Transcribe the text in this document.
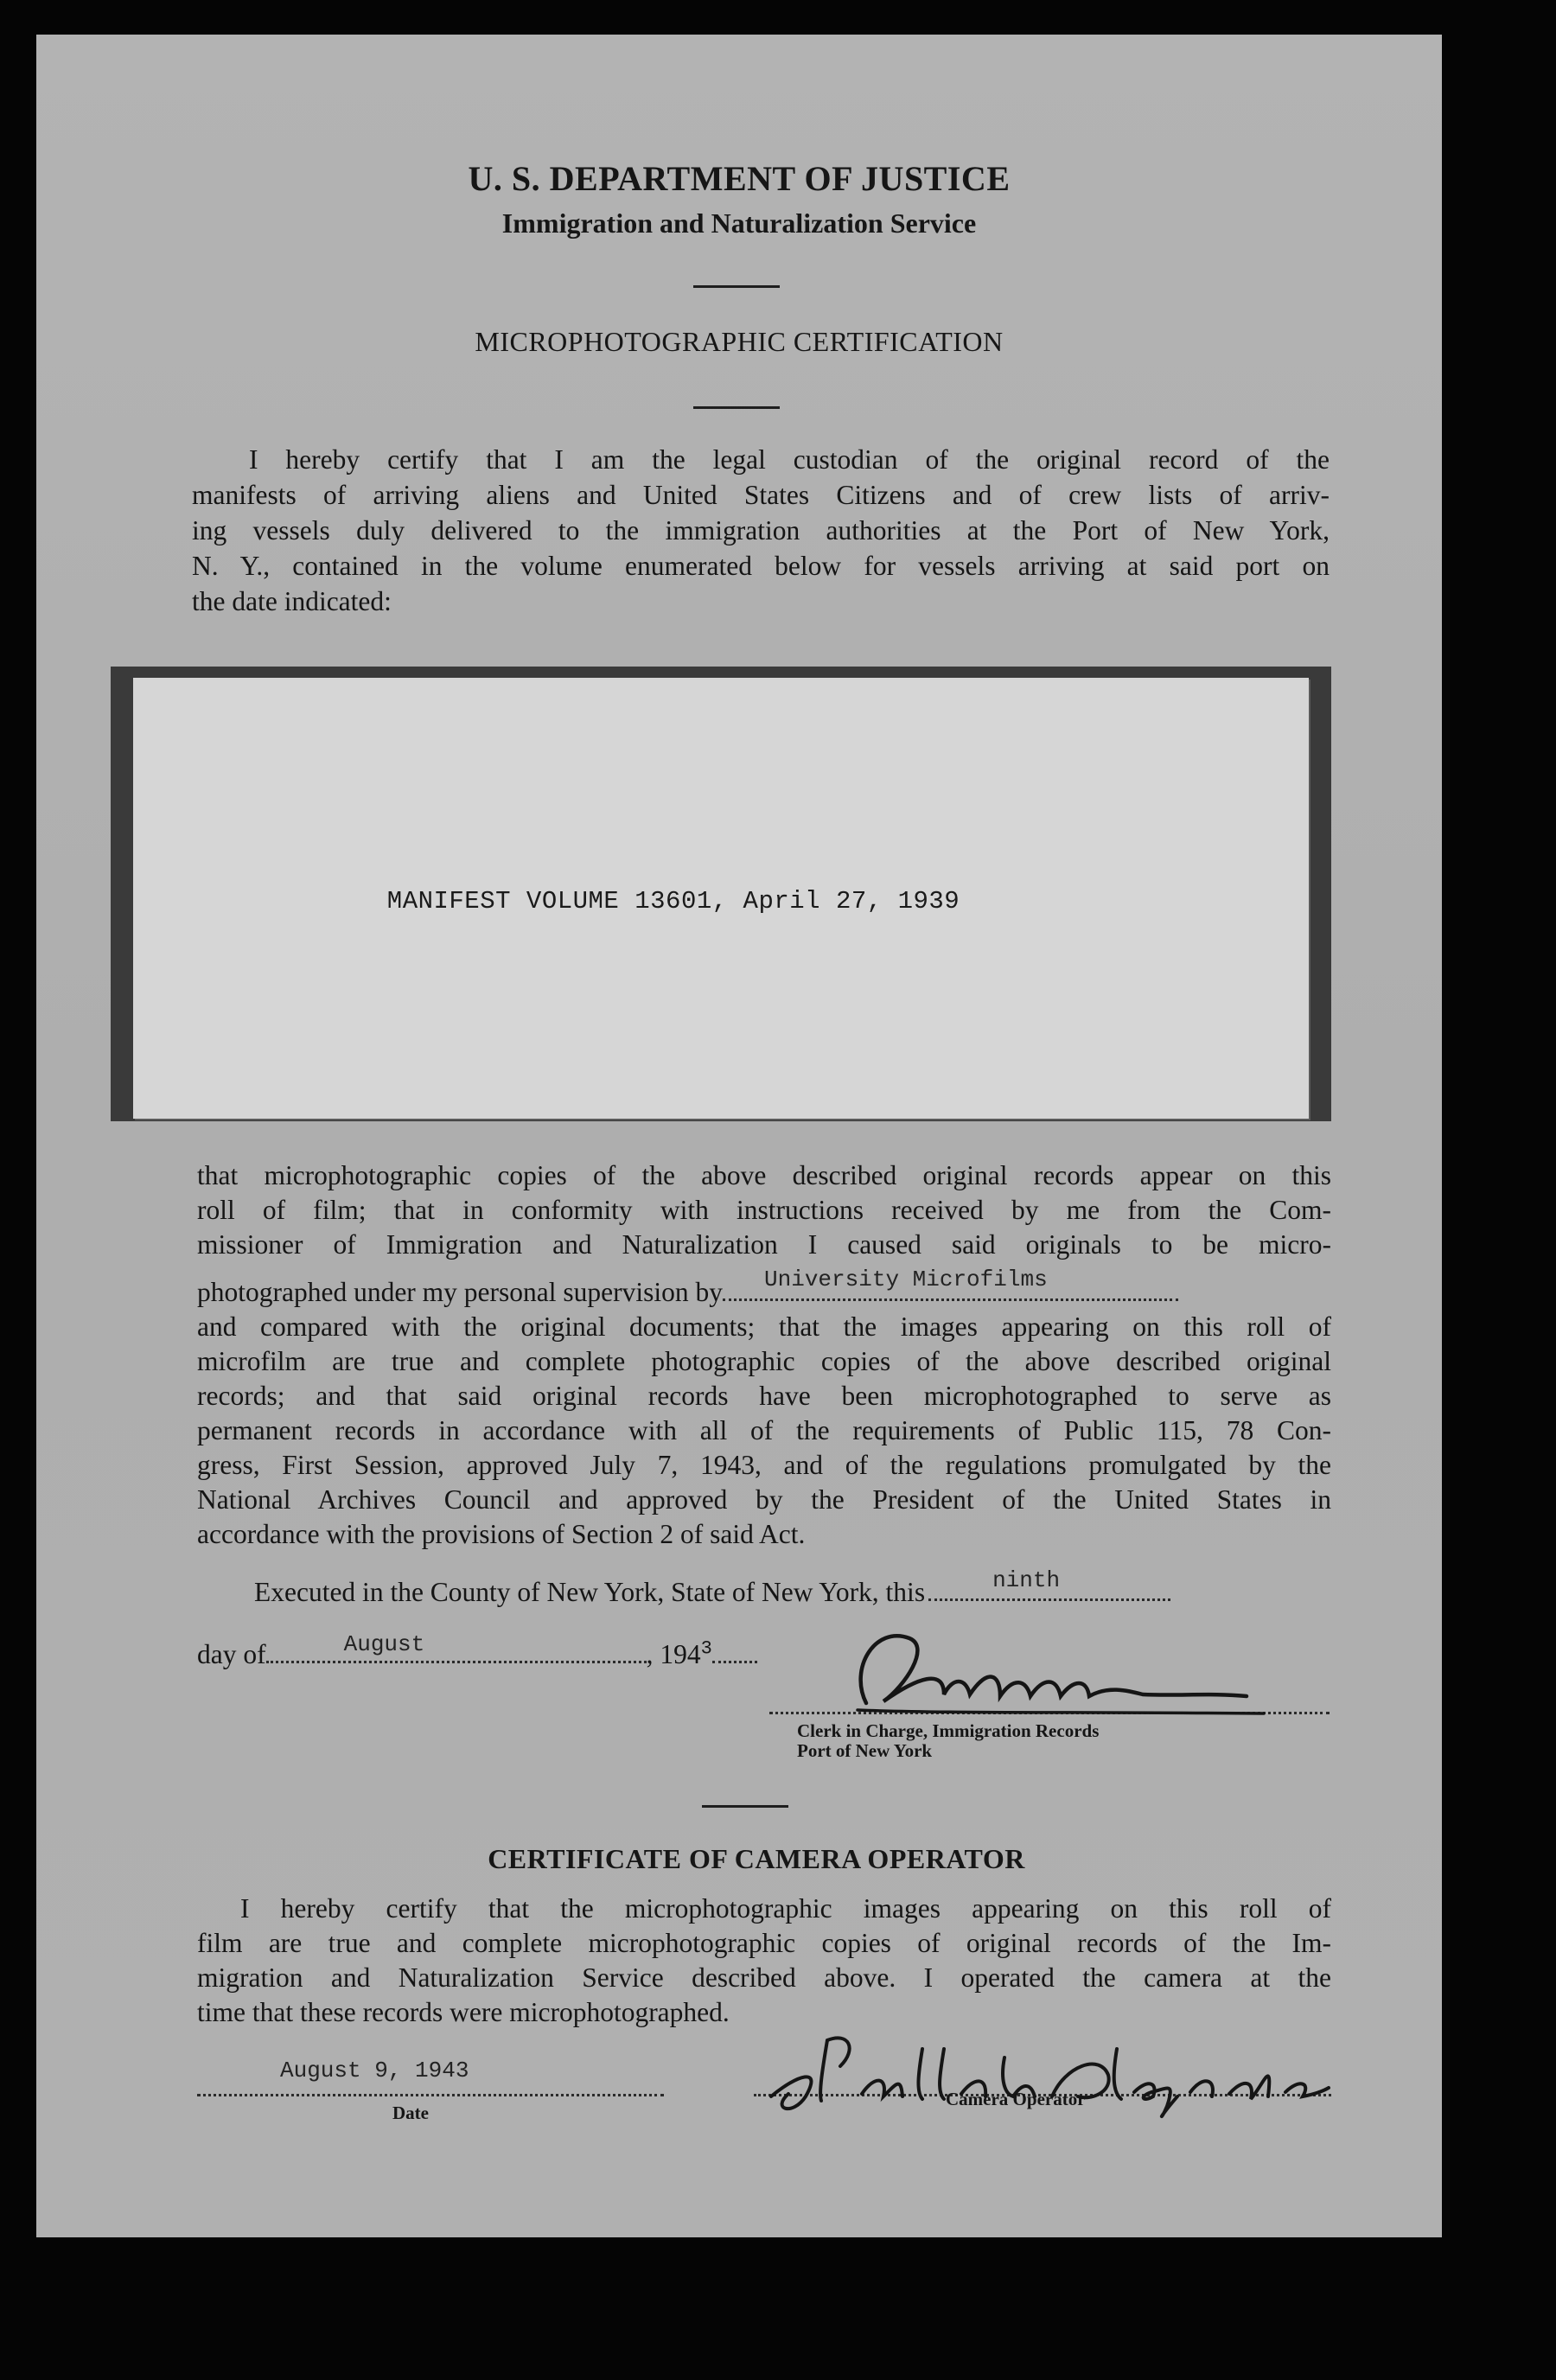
U. S. DEPARTMENT OF JUSTICE
Immigration and Naturalization Service
MICROPHOTOGRAPHIC CERTIFICATION
I hereby certify that I am the legal custodian of the original record of the
manifests of arriving aliens and United States Citizens and of crew lists of arriv-
ing vessels duly delivered to the immigration authorities at the Port of New York,
N. Y., contained in the volume enumerated below for vessels arriving at said port on
the date indicated:
MANIFEST VOLUME 13601, April 27, 1939
that microphotographic copies of the above described original records appear on this
roll of film; that in conformity with instructions received by me from the Com-
missioner of Immigration and Naturalization I caused said originals to be micro-
photographed under my personal supervision by University Microfilms
and compared with the original documents; that the images appearing on this roll of
microfilm are true and complete photographic copies of the above described original
records; and that said original records have been microphotographed to serve as
permanent records in accordance with all of the requirements of Public 115, 78 Con-
gress, First Session, approved July 7, 1943, and of the regulations promulgated by the
National Archives Council and approved by the President of the United States in
accordance with the provisions of Section 2 of said Act.
Executed in the County of New York, State of New York, this	ninth
day of	August	, $194^3$
Clerk in Charge, Immigration Records
Port of New York
CERTIFICATE OF CAMERA OPERATOR
I hereby certify that the microphotographic images appearing on this roll of
film are true and complete microphotographic copies of original records of the Im-
migration and Naturalization Service described above. I operated the camera at the
time that these records were microphotographed.
August 9, 1943
Date
Camera Operator
